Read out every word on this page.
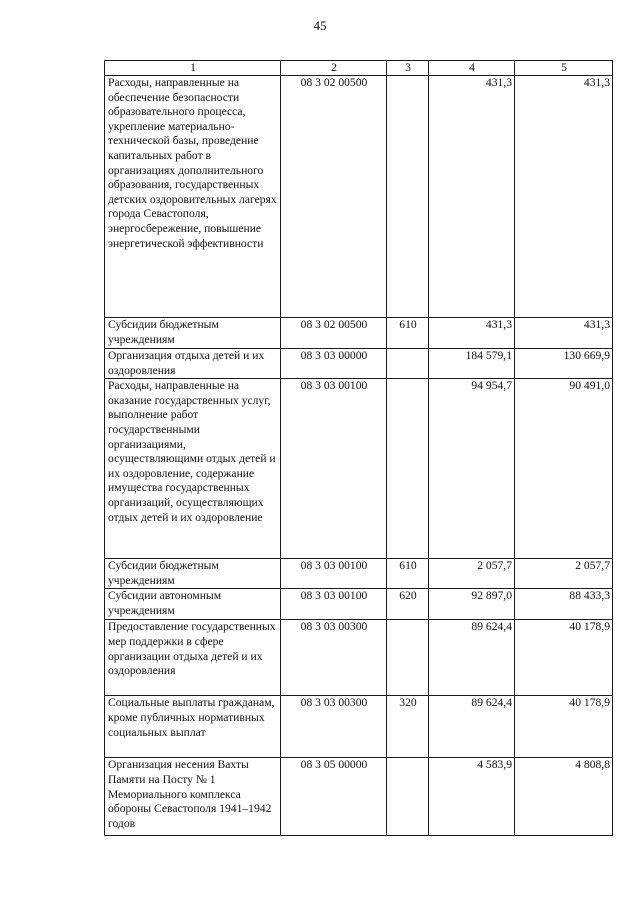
45
1	2	3	4	5
Расходы, направленные на обеспечение безопасности образовательного процесса, укрепление материально-технической базы, проведение капитальных работ в организациях дополнительного образования, государственных детских оздоровительных лагерях города Севастополя, энергосбережение, повышение энергетической эффективности	08 3 02 00500		431,3	431,3
Субсидии бюджетным учреждениям	08 3 02 00500	610	431,3	431,3
Организация отдыха детей и их оздоровления	08 3 03 00000		184 579,1	130 669,9
Расходы, направленные на оказание государственных услуг, выполнение работ государственными организациями, осуществляющими отдых детей и их оздоровление, содержание имущества государственных организаций, осуществляющих отдых детей и их оздоровление	08 3 03 00100		94 954,7	90 491,0
Субсидии бюджетным учреждениям	08 3 03 00100	610	2 057,7	2 057,7
Субсидии автономным учреждениям	08 3 03 00100	620	92 897,0	88 433,3
Предоставление государственных мер поддержки в сфере организации отдыха детей и их оздоровления	08 3 03 00300		89 624,4	40 178,9
Социальные выплаты гражданам, кроме публичных нормативных социальных выплат	08 3 03 00300	320	89 624,4	40 178,9
Организация несения Вахты Памяти на Посту № 1 Мемориального комплекса обороны Севастополя 1941–1942 годов	08 3 05 00000		4 583,9	4 808,8
